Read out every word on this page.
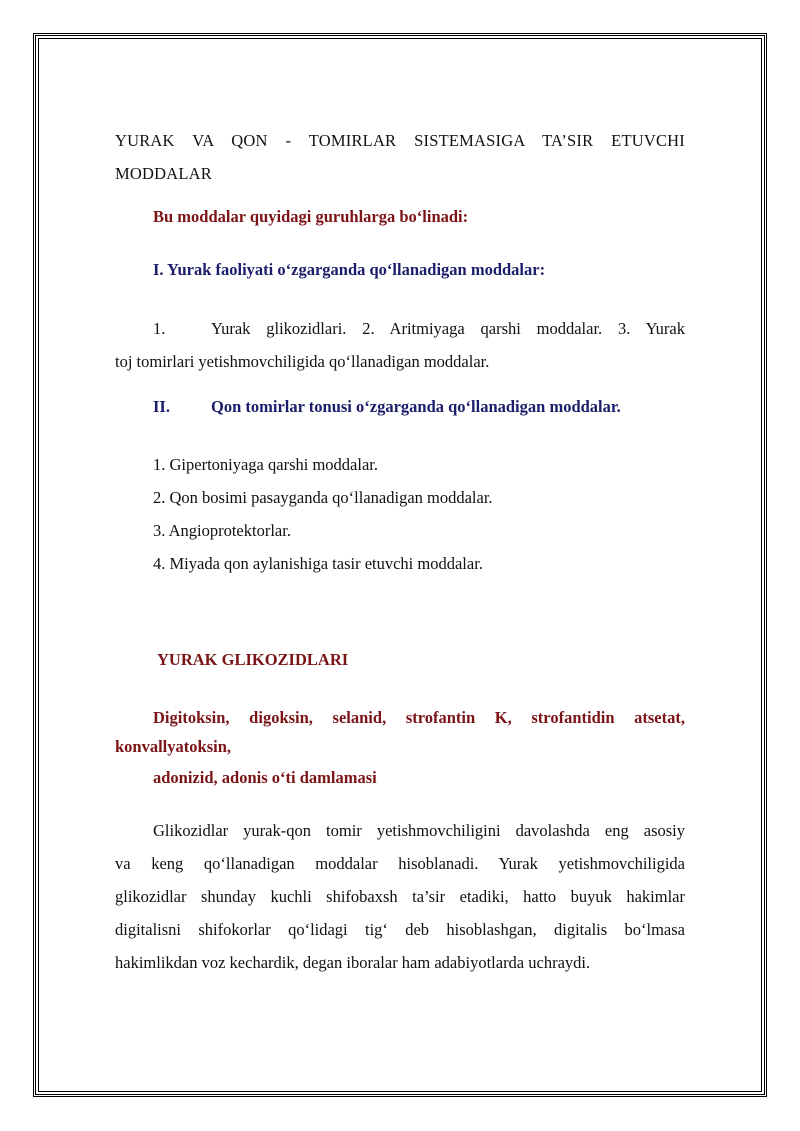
YURAK VA QON - TOMIRLAR SISTEMASIGA TA’SIR ETUVCHI
MODDALAR
Bu moddalar quyidagi guruhlarga bo‘linadi:
I. Yurak faoliyati o‘zgarganda qo‘llanadigan moddalar:
1.	Yurak glikozidlari. 2. Aritmiyaga qarshi moddalar. 3. Yurak
toj tomirlari yetishmovchiligida qo‘llanadigan moddalar.
II. Qon tomirlar tonusi o‘zgarganda qo‘llanadigan moddalar.
1. Gipertoniyaga qarshi moddalar.
2. Qon bosimi pasayganda qo‘llanadigan moddalar.
3. Angioprotektorlar.
4. Miyada qon aylanishiga tasir etuvchi moddalar.
YURAK GLIKOZIDLARI
Digitoksin, digoksin, selanid, strofantin K, strofantidin atsetat,
konvallyatoksin,
adonizid, adonis o‘ti damlamasi
Glikozidlar yurak-qon tomir yetishmovchiligini davolashda eng asosiy
va keng qo‘llanadigan moddalar hisoblanadi. Yurak yetishmovchiligida
glikozidlar shunday kuchli shifobaxsh ta’sir etadiki, hatto buyuk hakimlar
digitalisni shifokorlar qo‘lidagi tig‘ deb hisoblashgan, digitalis bo‘lmasa
hakimlikdan voz kechardik, degan iboralar ham adabiyotlarda uchraydi.
